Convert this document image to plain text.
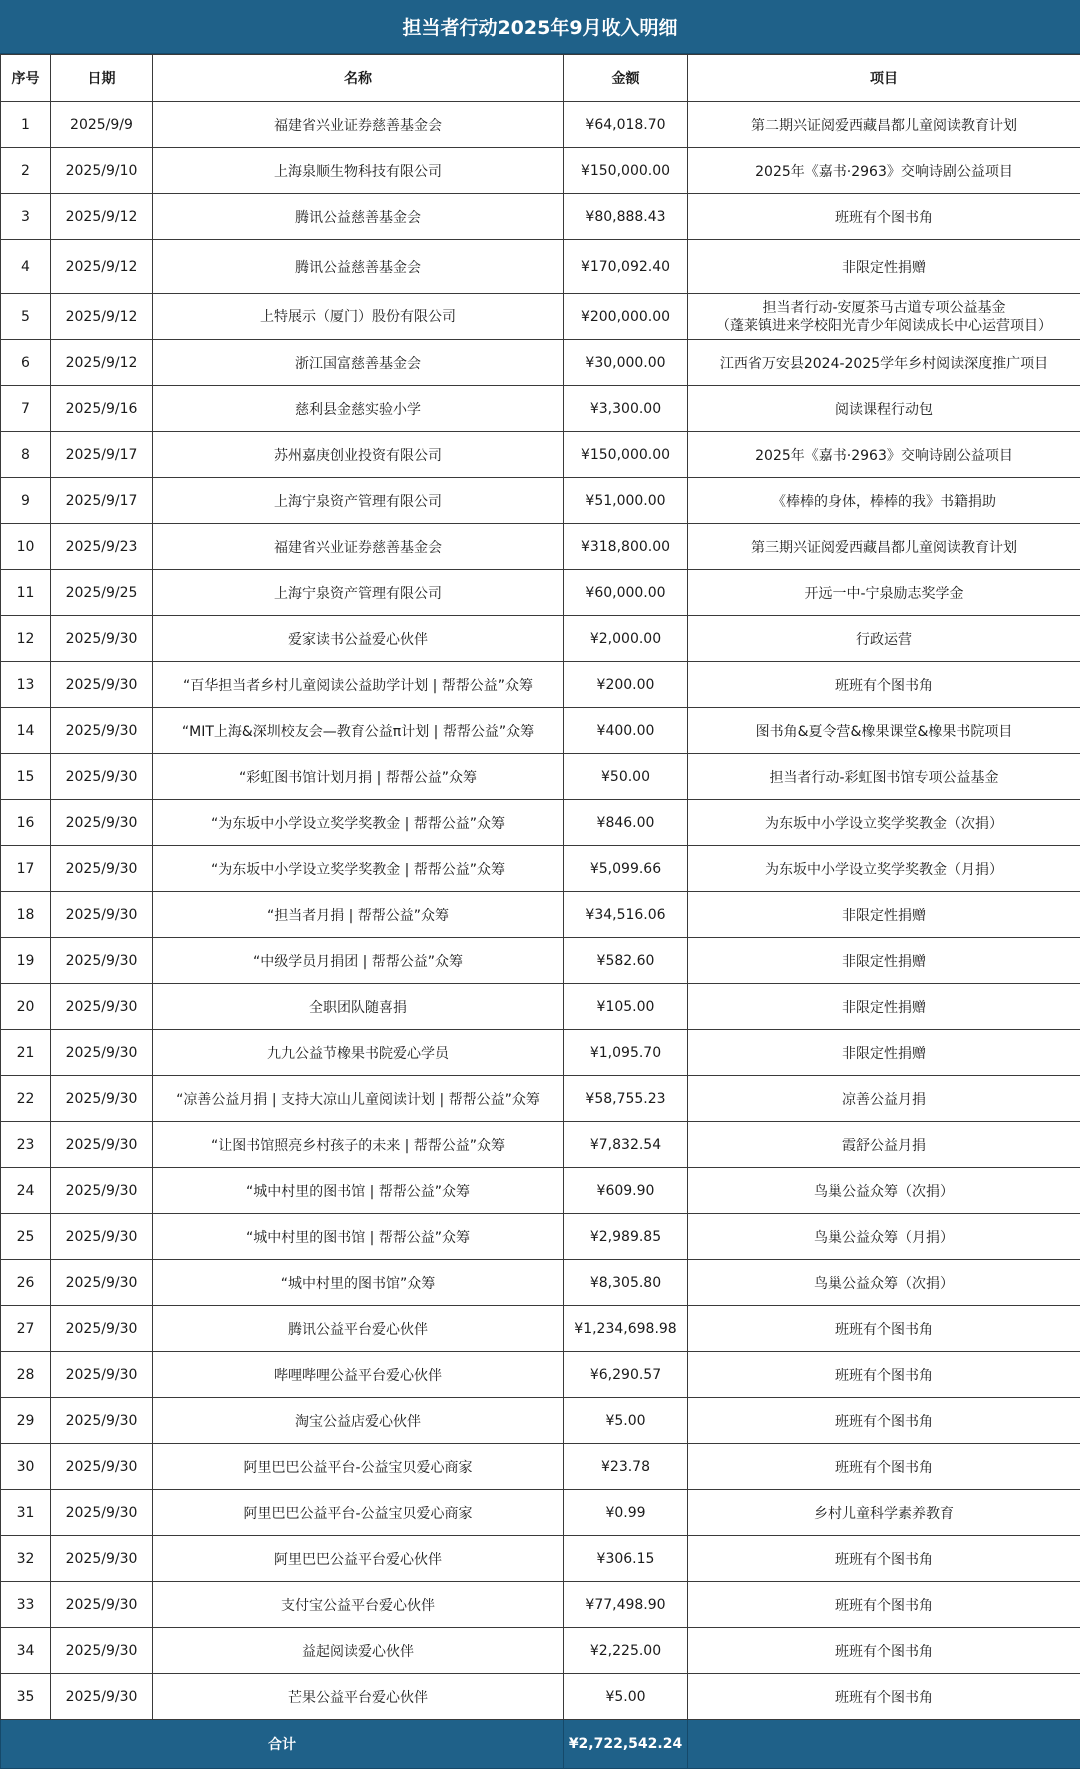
担当者行动2025年9月收入明细
序号	日期	名称	金额	项目
1	2025/9/9	福建省兴业证券慈善基金会	¥64,018.70	第二期兴证阅爱西藏昌都儿童阅读教育计划

2	2025/9/10	上海泉顺生物科技有限公司	¥150,000.00	2025年《嘉书·2963》交响诗剧公益项目

3	2025/9/12	腾讯公益慈善基金会	¥80,888.43	班班有个图书角

4	2025/9/12	腾讯公益慈善基金会	¥170,092.40	非限定性捐赠

5	2025/9/12	上特展示（厦门）股份有限公司	¥200,000.00	担当者行动-安厦茶马古道专项公益基金
（蓬莱镇进来学校阳光青少年阅读成长中心运营项目）

6	2025/9/12	浙江国富慈善基金会	¥30,000.00	江西省万安县2024-2025学年乡村阅读深度推广项目

7	2025/9/16	慈利县金慈实验小学	¥3,300.00	阅读课程行动包

8	2025/9/17	苏州嘉庚创业投资有限公司	¥150,000.00	2025年《嘉书·2963》交响诗剧公益项目

9	2025/9/17	上海宁泉资产管理有限公司	¥51,000.00	《棒棒的身体，棒棒的我》书籍捐助

10	2025/9/23	福建省兴业证券慈善基金会	¥318,800.00	第三期兴证阅爱西藏昌都儿童阅读教育计划

11	2025/9/25	上海宁泉资产管理有限公司	¥60,000.00	开远一中-宁泉励志奖学金

12	2025/9/30	爱家读书公益爱心伙伴	¥2,000.00	行政运营

13	2025/9/30	“百华担当者乡村儿童阅读公益助学计划 | 帮帮公益”众筹	¥200.00	班班有个图书角

14	2025/9/30	“MIT上海&深圳校友会—教育公益π计划 | 帮帮公益”众筹	¥400.00	图书角&夏令营&橡果课堂&橡果书院项目

15	2025/9/30	“彩虹图书馆计划月捐 | 帮帮公益”众筹	¥50.00	担当者行动-彩虹图书馆专项公益基金

16	2025/9/30	“为东坂中小学设立奖学奖教金 | 帮帮公益”众筹	¥846.00	为东坂中小学设立奖学奖教金（次捐）

17	2025/9/30	“为东坂中小学设立奖学奖教金 | 帮帮公益”众筹	¥5,099.66	为东坂中小学设立奖学奖教金（月捐）

18	2025/9/30	“担当者月捐 | 帮帮公益”众筹	¥34,516.06	非限定性捐赠

19	2025/9/30	“中级学员月捐团 | 帮帮公益”众筹	¥582.60	非限定性捐赠

20	2025/9/30	全职团队随喜捐	¥105.00	非限定性捐赠

21	2025/9/30	九九公益节橡果书院爱心学员	¥1,095.70	非限定性捐赠

22	2025/9/30	“凉善公益月捐 | 支持大凉山儿童阅读计划 | 帮帮公益”众筹	¥58,755.23	凉善公益月捐

23	2025/9/30	“让图书馆照亮乡村孩子的未来 | 帮帮公益”众筹	¥7,832.54	霞舒公益月捐

24	2025/9/30	“城中村里的图书馆 | 帮帮公益”众筹	¥609.90	鸟巢公益众筹（次捐）

25	2025/9/30	“城中村里的图书馆 | 帮帮公益”众筹	¥2,989.85	鸟巢公益众筹（月捐）

26	2025/9/30	“城中村里的图书馆”众筹	¥8,305.80	鸟巢公益众筹（次捐）

27	2025/9/30	腾讯公益平台爱心伙伴	¥1,234,698.98	班班有个图书角

28	2025/9/30	哔哩哔哩公益平台爱心伙伴	¥6,290.57	班班有个图书角

29	2025/9/30	淘宝公益店爱心伙伴	¥5.00	班班有个图书角

30	2025/9/30	阿里巴巴公益平台-公益宝贝爱心商家	¥23.78	班班有个图书角

31	2025/9/30	阿里巴巴公益平台-公益宝贝爱心商家	¥0.99	乡村儿童科学素养教育

32	2025/9/30	阿里巴巴公益平台爱心伙伴	¥306.15	班班有个图书角

33	2025/9/30	支付宝公益平台爱心伙伴	¥77,498.90	班班有个图书角

34	2025/9/30	益起阅读爱心伙伴	¥2,225.00	班班有个图书角

35	2025/9/30	芒果公益平台爱心伙伴	¥5.00	班班有个图书角

合计			¥2,722,542.24	
